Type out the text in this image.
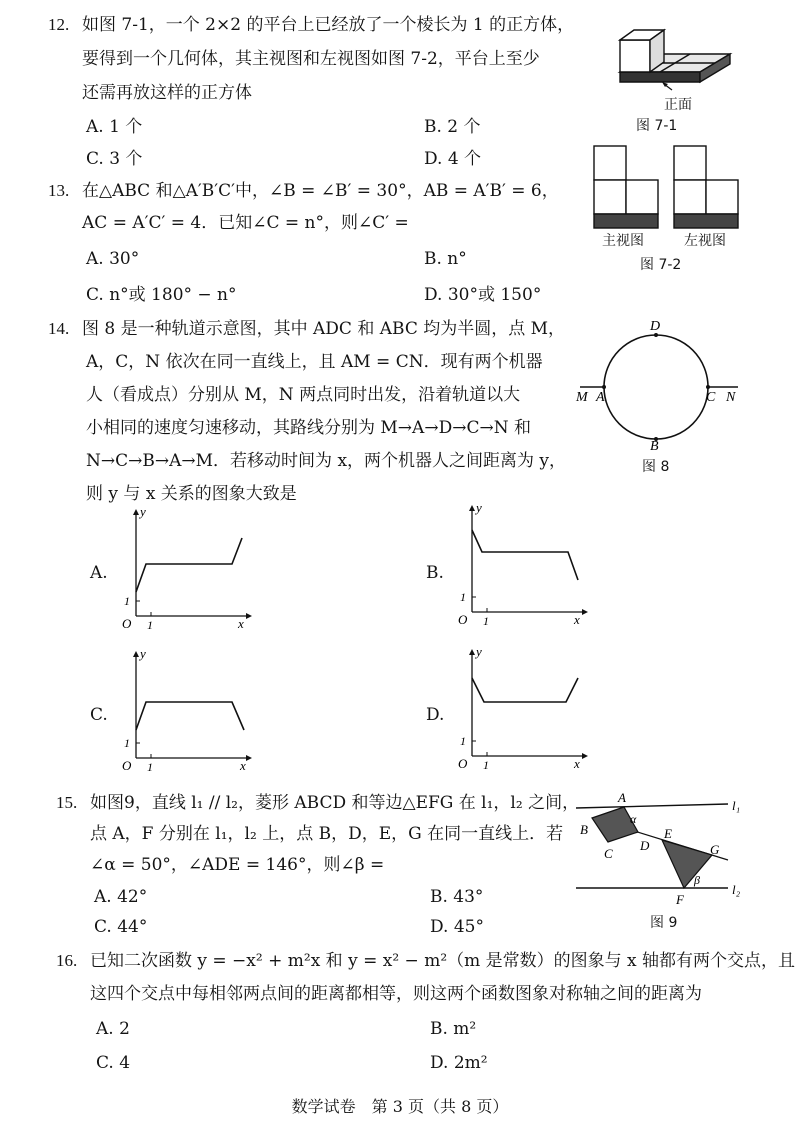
12. 如图 7-1，一个 2×2 的平台上已经放了一个棱长为 1 的正方体，
要得到一个几何体，其主视图和左视图如图 7-2，平台上至少
还需再放这样的正方体
A. 1 个	B. 2 个
C. 3 个	D. 4 个
正面
图 7-1
主视图	左视图
图 7-2
13. 在△ABC 和△A′B′C′中，∠B = ∠B′ = 30°，AB = A′B′ = 6，
AC = A′C′ = 4．已知∠C = n°，则∠C′ =
A. 30°	B. n°
C. n°或 180° − n°	D. 30°或 150°
14. 图 8 是一种轨道示意图，其中 ADC 和 ABC 均为半圆，点 M，
A，C，N 依次在同一直线上，且 AM = CN．现有两个机器
人（看成点）分别从 M，N 两点同时出发，沿着轨道以大
小相同的速度匀速移动，其路线分别为 M→A→D→C→N 和
N→C→B→A→M．若移动时间为 x，两个机器人之间距离为 y，
则 y 与 x 关系的图象大致是
D
M A	C N
B
图 8
A.
y
x
O 1
1
B.
y
x
O 1
1
C.
y
x
O 1
1
D.
y
x
O 1
1
15. 如图9，直线 l₁ // l₂，菱形 ABCD 和等边△EFG 在 l₁，l₂ 之间，
点 A，F 分别在 l₁，l₂ 上，点 B，D，E，G 在同一直线上．若
∠α = 50°，∠ADE = 146°，则∠β =
A. 42°	B. 43°
C. 44°	D. 45°
A
l₁
B
α
E
G
D
C
β
F
l₂
图 9
16. 已知二次函数 y = −x² + m²x 和 y = x² − m²（m 是常数）的图象与 x 轴都有两个交点，且
这四个交点中每相邻两点间的距离都相等，则这两个函数图象对称轴之间的距离为
A. 2	B. m²
C. 4	D. 2m²
数学试卷　第 3 页（共 8 页）
